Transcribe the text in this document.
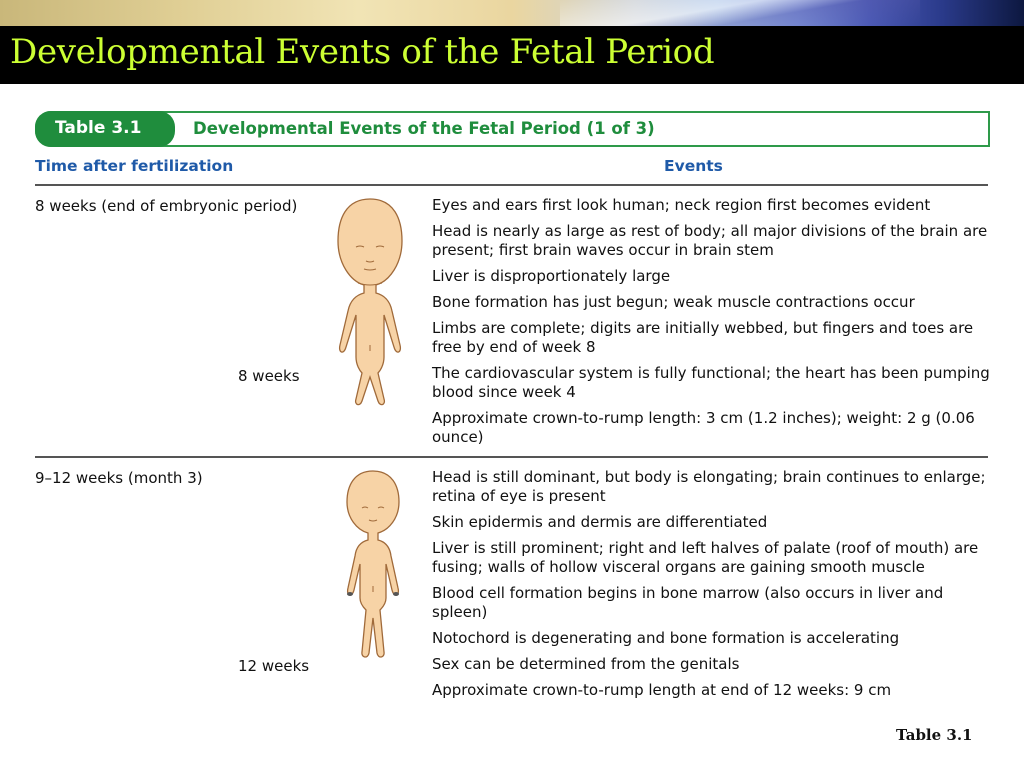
Developmental Events of the Fetal Period
Table 3.1	Developmental Events of the Fetal Period (1 of 3)
Time after fertilization	Events
8 weeks (end of embryonic period)
8 weeks
Eyes and ears first look human; neck region first becomes evident
Head is nearly as large as rest of body; all major divisions of the brain are present; first brain waves occur in brain stem
Liver is disproportionately large
Bone formation has just begun; weak muscle contractions occur
Limbs are complete; digits are initially webbed, but fingers and toes are free by end of week 8
The cardiovascular system is fully functional; the heart has been pumping blood since week 4
Approximate crown-to-rump length: 3 cm (1.2 inches); weight: 2 g (0.06 ounce)
9–12 weeks (month 3)
12 weeks
Head is still dominant, but body is elongating; brain continues to enlarge; retina of eye is present
Skin epidermis and dermis are differentiated
Liver is still prominent; right and left halves of palate (roof of mouth) are fusing; walls of hollow visceral organs are gaining smooth muscle
Blood cell formation begins in bone marrow (also occurs in liver and spleen)
Notochord is degenerating and bone formation is accelerating
Sex can be determined from the genitals
Approximate crown-to-rump length at end of 12 weeks: 9 cm
Table 3.1
